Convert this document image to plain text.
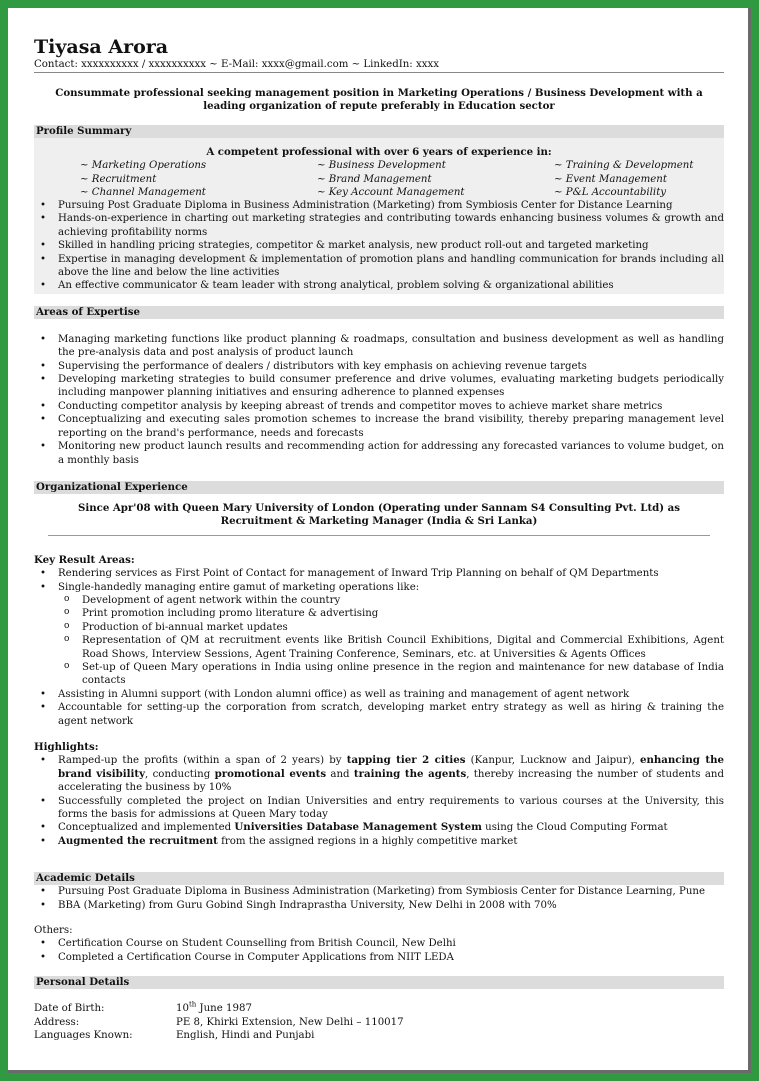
Tiyasa Arora
Contact: xxxxxxxxxx / xxxxxxxxxx ~ E-Mail: xxxx@gmail.com ~ LinkedIn: xxxx
Consummate professional seeking management position in Marketing Operations / Business Development with a leading organization of repute preferably in Education sector
Profile Summary
A competent professional with over 6 years of experience in:
~ Marketing Operations	~ Business Development	~ Training & Development
~ Recruitment	~ Brand Management	~ Event Management
~ Channel Management	~ Key Account Management	~ P&L Accountability
• Pursuing Post Graduate Diploma in Business Administration (Marketing) from Symbiosis Center for Distance Learning
• Hands-on-experience in charting out marketing strategies and contributing towards enhancing business volumes & growth and achieving profitability norms
• Skilled in handling pricing strategies, competitor & market analysis, new product roll-out and targeted marketing
• Expertise in managing development & implementation of promotion plans and handling communication for brands including all above the line and below the line activities
• An effective communicator & team leader with strong analytical, problem solving & organizational abilities
Areas of Expertise
• Managing marketing functions like product planning & roadmaps, consultation and business development as well as handling the pre-analysis data and post analysis of product launch
• Supervising the performance of dealers / distributors with key emphasis on achieving revenue targets
• Developing marketing strategies to build consumer preference and drive volumes, evaluating marketing budgets periodically including manpower planning initiatives and ensuring adherence to planned expenses
• Conducting competitor analysis by keeping abreast of trends and competitor moves to achieve market share metrics
• Conceptualizing and executing sales promotion schemes to increase the brand visibility, thereby preparing management level reporting on the brand's performance, needs and forecasts
• Monitoring new product launch results and recommending action for addressing any forecasted variances to volume budget, on a monthly basis
Organizational Experience
Since Apr'08 with Queen Mary University of London (Operating under Sannam S4 Consulting Pvt. Ltd) as Recruitment & Marketing Manager (India & Sri Lanka)
Key Result Areas:
• Rendering services as First Point of Contact for management of Inward Trip Planning on behalf of QM Departments
• Single-handedly managing entire gamut of marketing operations like:
o Development of agent network within the country
o Print promotion including promo literature & advertising
o Production of bi-annual market updates
o Representation of QM at recruitment events like British Council Exhibitions, Digital and Commercial Exhibitions, Agent Road Shows, Interview Sessions, Agent Training Conference, Seminars, etc. at Universities & Agents Offices
o Set-up of Queen Mary operations in India using online presence in the region and maintenance for new database of India contacts
• Assisting in Alumni support (with London alumni office) as well as training and management of agent network
• Accountable for setting-up the corporation from scratch, developing market entry strategy as well as hiring & training the agent network
Highlights:
• Ramped-up the profits (within a span of 2 years) by tapping tier 2 cities (Kanpur, Lucknow and Jaipur), enhancing the brand visibility, conducting promotional events and training the agents, thereby increasing the number of students and accelerating the business by 10%
• Successfully completed the project on Indian Universities and entry requirements to various courses at the University, this forms the basis for admissions at Queen Mary today
• Conceptualized and implemented Universities Database Management System using the Cloud Computing Format
• Augmented the recruitment from the assigned regions in a highly competitive market
Academic Details
• Pursuing Post Graduate Diploma in Business Administration (Marketing) from Symbiosis Center for Distance Learning, Pune
• BBA (Marketing) from Guru Gobind Singh Indraprastha University, New Delhi in 2008 with 70%
Others:
• Certification Course on Student Counselling from British Council, New Delhi
• Completed a Certification Course in Computer Applications from NIIT LEDA
Personal Details
Date of Birth:	10th June 1987
Address:	PE 8, Khirki Extension, New Delhi – 110017
Languages Known:	English, Hindi and Punjabi
